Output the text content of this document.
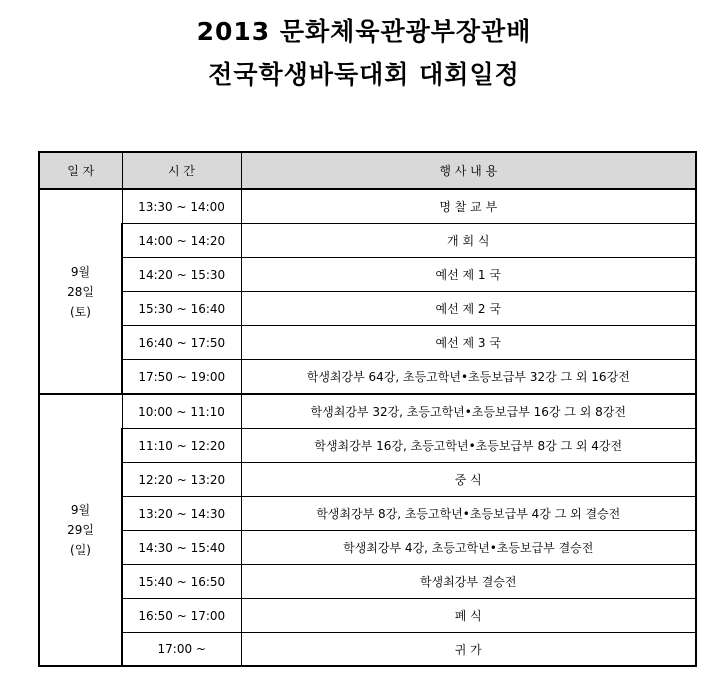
2013 문화체육관광부장관배
전국학생바둑대회 대회일정
일 자	시 간	행 사 내 용

9월
28일
(토)	13:30 ~ 14:00	명 찰 교 부
	14:00 ~ 14:20	개 회 식
	14:20 ~ 15:30	예선 제 1 국
	15:30 ~ 16:40	예선 제 2 국
	16:40 ~ 17:50	예선 제 3 국
	17:50 ~ 19:00	학생최강부 64강, 초등고학년•초등보급부 32강 그 외 16강전

9월
29일
(일)	10:00 ~ 11:10	학생최강부 32강, 초등고학년•초등보급부 16강 그 외 8강전
	11:10 ~ 12:20	학생최강부 16강, 초등고학년•초등보급부 8강 그 외 4강전
	12:20 ~ 13:20	중 식
	13:20 ~ 14:30	학생최강부 8강, 초등고학년•초등보급부 4강 그 외 결승전
	14:30 ~ 15:40	학생최강부 4강, 초등고학년•초등보급부 결승전
	15:40 ~ 16:50	학생최강부 결승전
	16:50 ~ 17:00	폐 식
	17:00 ~	귀 가
